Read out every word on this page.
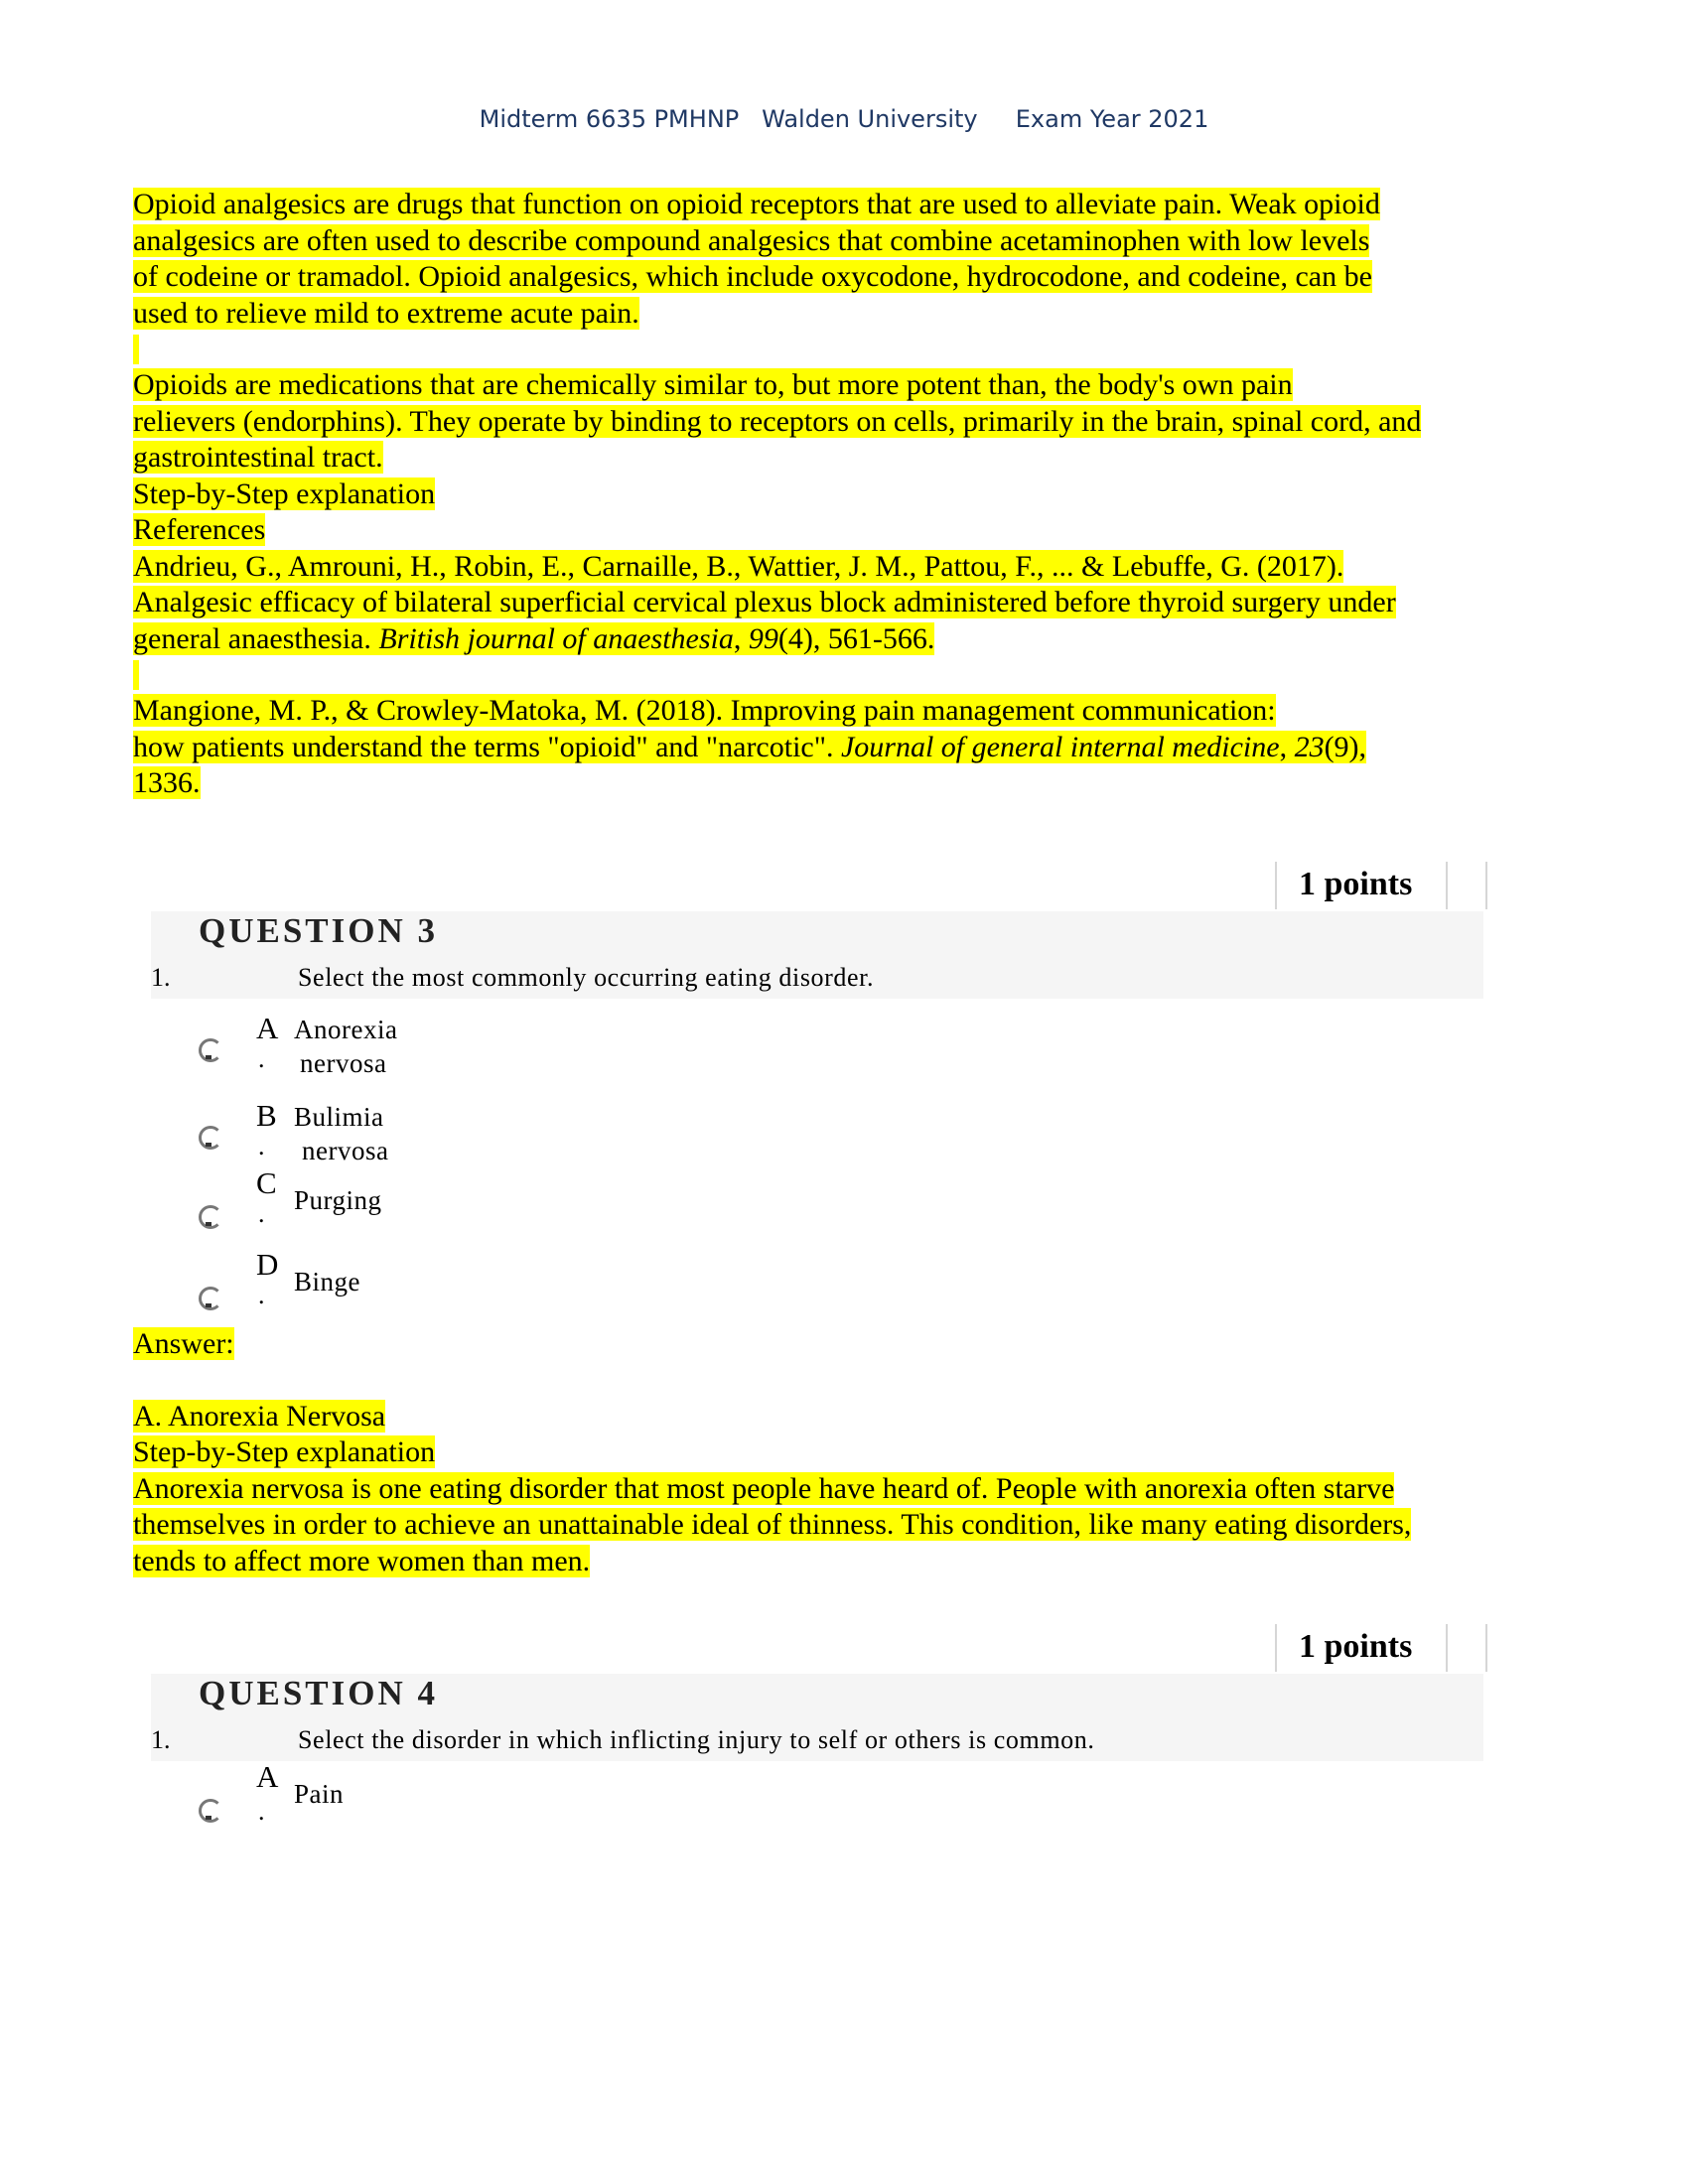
Midterm 6635 PMHNP   Walden University     Exam Year 2021

Opioid analgesics are drugs that function on opioid receptors that are used to alleviate pain. Weak opioid
analgesics are often used to describe compound analgesics that combine acetaminophen with low levels
of codeine or tramadol. Opioid analgesics, which include oxycodone, hydrocodone, and codeine, can be
used to relieve mild to extreme acute pain.

Opioids are medications that are chemically similar to, but more potent than, the body's own pain
relievers (endorphins). They operate by binding to receptors on cells, primarily in the brain, spinal cord, and
gastrointestinal tract.
Step-by-Step explanation
References
Andrieu, G., Amrouni, H., Robin, E., Carnaille, B., Wattier, J. M., Pattou, F., ... & Lebuffe, G. (2017).
Analgesic efficacy of bilateral superficial cervical plexus block administered before thyroid surgery under
general anaesthesia. British journal of anaesthesia, 99(4), 561-566.

Mangione, M. P., & Crowley-Matoka, M. (2018). Improving pain management communication:
how patients understand the terms "opioid" and "narcotic". Journal of general internal medicine, 23(9),
1336.

1 points
QUESTION 3
1.	Select the most commonly occurring eating disorder.
A
.
Anorexia
nervosa
B
.
Bulimia
nervosa
C
. Purging
D
. Binge

Answer:

A. Anorexia Nervosa
Step-by-Step explanation
Anorexia nervosa is one eating disorder that most people have heard of. People with anorexia often starve
themselves in order to achieve an unattainable ideal of thinness. This condition, like many eating disorders,
tends to affect more women than men.

1 points
QUESTION 4
1.	Select the disorder in which inflicting injury to self or others is common.
A
.
Pain
